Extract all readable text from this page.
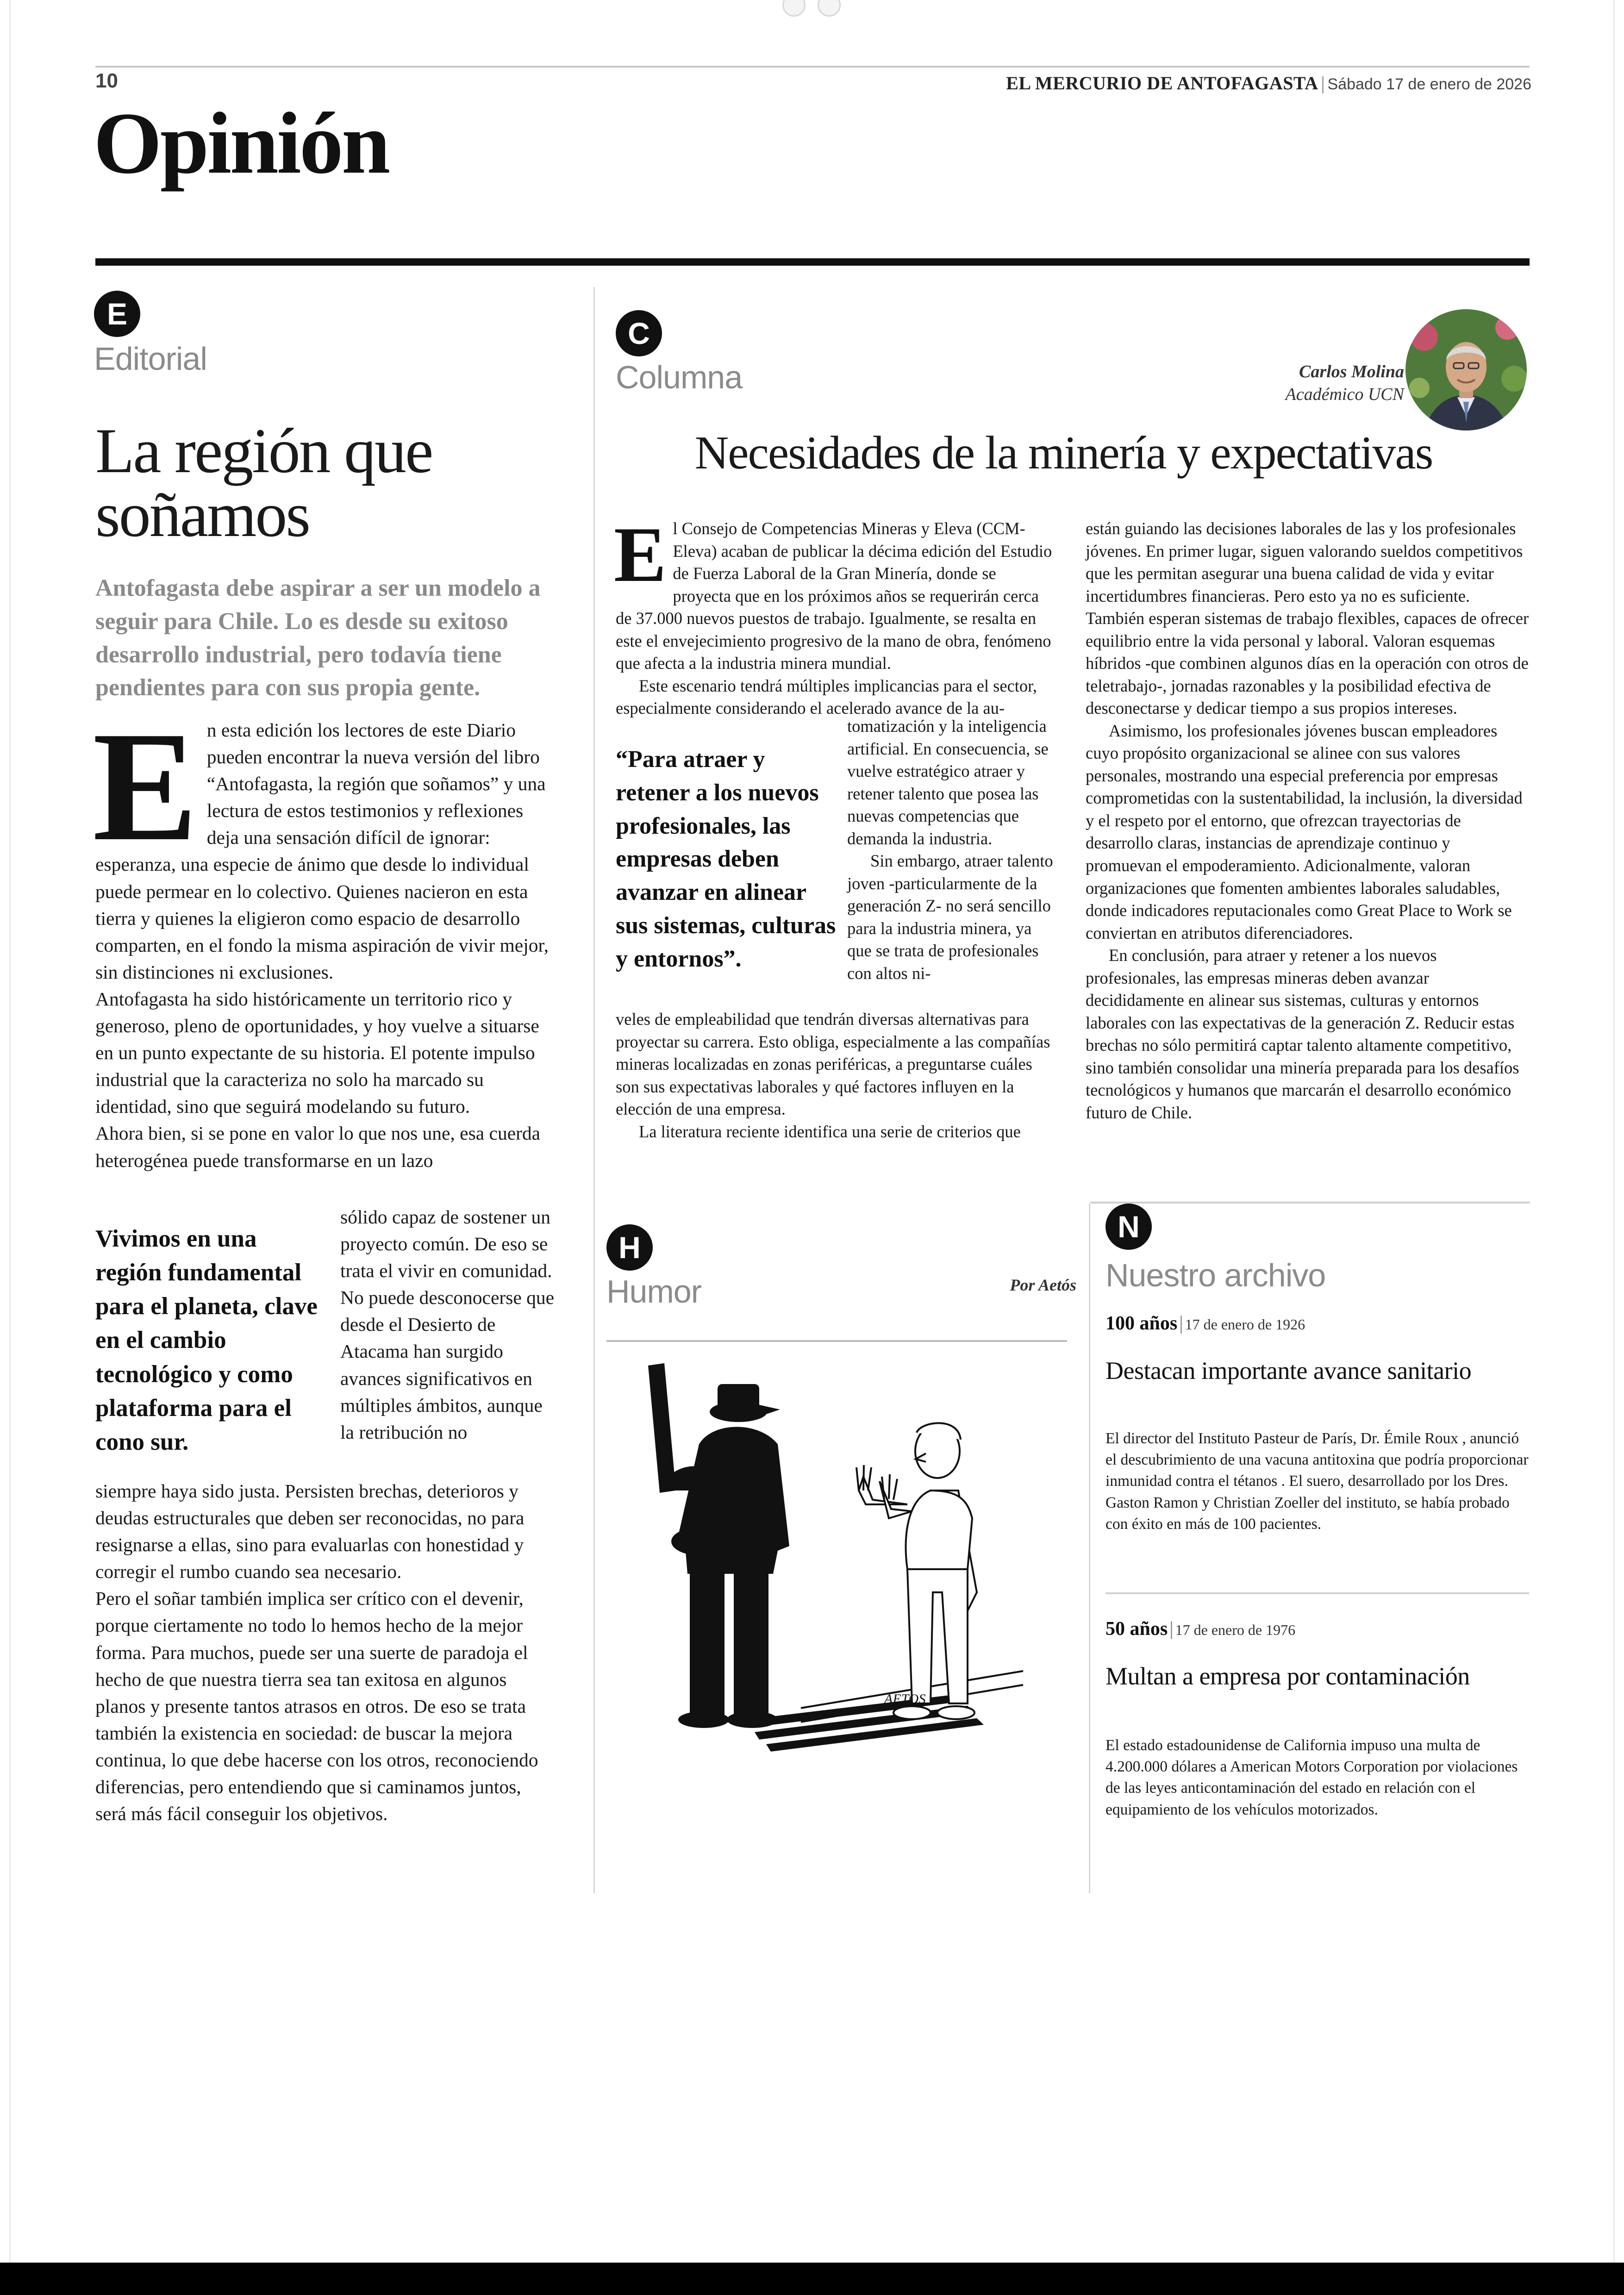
10	EL MERCURIO DE ANTOFAGASTA | Sábado 17 de enero de 2026
Opinión
E
Editorial
La región que
soñamos
Antofagasta debe aspirar a ser un modelo a seguir para Chile. Lo es desde su exitoso desarrollo industrial, pero todavía tiene pendientes para con sus propia gente.
E n esta edición los lectores de este Diario pueden encontrar la nueva versión del libro “Antofagasta, la región que soñamos” y una lectura de estos testimonios y reflexiones deja una sensación difícil de ignorar: esperanza, una especie de ánimo que desde lo individual puede permear en lo colectivo. Quienes nacieron en esta tierra y quienes la eligieron como espacio de desarrollo comparten, en el fondo la misma aspiración de vivir mejor, sin distinciones ni exclusiones.
Antofagasta ha sido históricamente un territorio rico y generoso, pleno de oportunidades, y hoy vuelve a situarse en un punto expectante de su historia. El potente impulso industrial que la caracteriza no solo ha marcado su identidad, sino que seguirá modelando su futuro.
Ahora bien, si se pone en valor lo que nos une, esa cuerda heterogénea puede transformarse en un lazo
Vivimos en una región fundamental para el planeta, clave en el cambio tecnológico y como plataforma para el cono sur.
sólido capaz de sostener un proyecto común. De eso se trata el vivir en comunidad.
No puede desconocerse que desde el Desierto de Atacama han surgido avances significativos en múltiples ámbitos, aunque la retribución no
siempre haya sido justa. Persisten brechas, deterioros y deudas estructurales que deben ser reconocidas, no para resignarse a ellas, sino para evaluarlas con honestidad y corregir el rumbo cuando sea necesario.
Pero el soñar también implica ser crítico con el devenir, porque ciertamente no todo lo hemos hecho de la mejor forma. Para muchos, puede ser una suerte de paradoja el hecho de que nuestra tierra sea tan exitosa en algunos planos y presente tantos atrasos en otros. De eso se trata también la existencia en sociedad: de buscar la mejora continua, lo que debe hacerse con los otros, reconociendo diferencias, pero entendiendo que si caminamos juntos, será más fácil conseguir los objetivos.
C
Columna	Carlos Molina
Académico UCN
Necesidades de la minería y expectativas
E l Consejo de Competencias Mineras y Eleva (CCM-Eleva) acaban de publicar la décima edición del Estudio de Fuerza Laboral de la Gran Minería, donde se proyecta que en los próximos años se requerirán cerca de 37.000 nuevos puestos de trabajo. Igualmente, se resalta en este el envejecimiento progresivo de la mano de obra, fenómeno que afecta a la industria minera mundial.
Este escenario tendrá múltiples implicancias para el sector, especialmente considerando el acelerado avance de la au-
“Para atraer y retener a los nuevos profesionales, las empresas deben avanzar en alinear sus sistemas, culturas y entornos”.
tomatización y la inteligencia artificial. En consecuencia, se vuelve estratégico atraer y retener talento que posea las nuevas competencias que demanda la industria.
Sin embargo, atraer talento joven -particularmente de la generación Z- no será sencillo para la industria minera, ya que se trata de profesionales con altos ni-
veles de empleabilidad que tendrán diversas alternativas para proyectar su carrera. Esto obliga, especialmente a las compañías mineras localizadas en zonas periféricas, a preguntarse cuáles son sus expectativas laborales y qué factores influyen en la elección de una empresa.
La literatura reciente identifica una serie de criterios que
están guiando las decisiones laborales de las y los profesionales jóvenes. En primer lugar, siguen valorando sueldos competitivos que les permitan asegurar una buena calidad de vida y evitar incertidumbres financieras. Pero esto ya no es suficiente. También esperan sistemas de trabajo flexibles, capaces de ofrecer equilibrio entre la vida personal y laboral. Valoran esquemas híbridos -que combinen algunos días en la operación con otros de teletrabajo-, jornadas razonables y la posibilidad efectiva de desconectarse y dedicar tiempo a sus propios intereses.
Asimismo, los profesionales jóvenes buscan empleadores cuyo propósito organizacional se alinee con sus valores personales, mostrando una especial preferencia por empresas comprometidas con la sustentabilidad, la inclusión, la diversidad y el respeto por el entorno, que ofrezcan trayectorias de desarrollo claras, instancias de aprendizaje continuo y promuevan el empoderamiento. Adicionalmente, valoran organizaciones que fomenten ambientes laborales saludables, donde indicadores reputacionales como Great Place to Work se conviertan en atributos diferenciadores.
En conclusión, para atraer y retener a los nuevos profesionales, las empresas mineras deben avanzar decididamente en alinear sus sistemas, culturas y entornos laborales con las expectativas de la generación Z. Reducir estas brechas no sólo permitirá captar talento altamente competitivo, sino también consolidar una minería preparada para los desafíos tecnológicos y humanos que marcarán el desarrollo económico futuro de Chile.
H
Humor	Por Aetós
AETOS
N
Nuestro archivo
100 años| 17 de enero de 1926
Destacan importante avance sanitario
El director del Instituto Pasteur de París, Dr. Émile Roux , anunció el descubrimiento de una vacuna antitoxina que podría proporcionar inmunidad contra el tétanos . El suero, desarrollado por los Dres. Gaston Ramon y Christian Zoeller del instituto, se había probado con éxito en más de 100 pacientes.
50 años| 17 de enero de 1976
Multan a empresa por contaminación
El estado estadounidense de California impuso una multa de 4.200.000 dólares a American Motors Corporation por violaciones de las leyes anticontaminación del estado en relación con el equipamiento de los vehículos motorizados.
